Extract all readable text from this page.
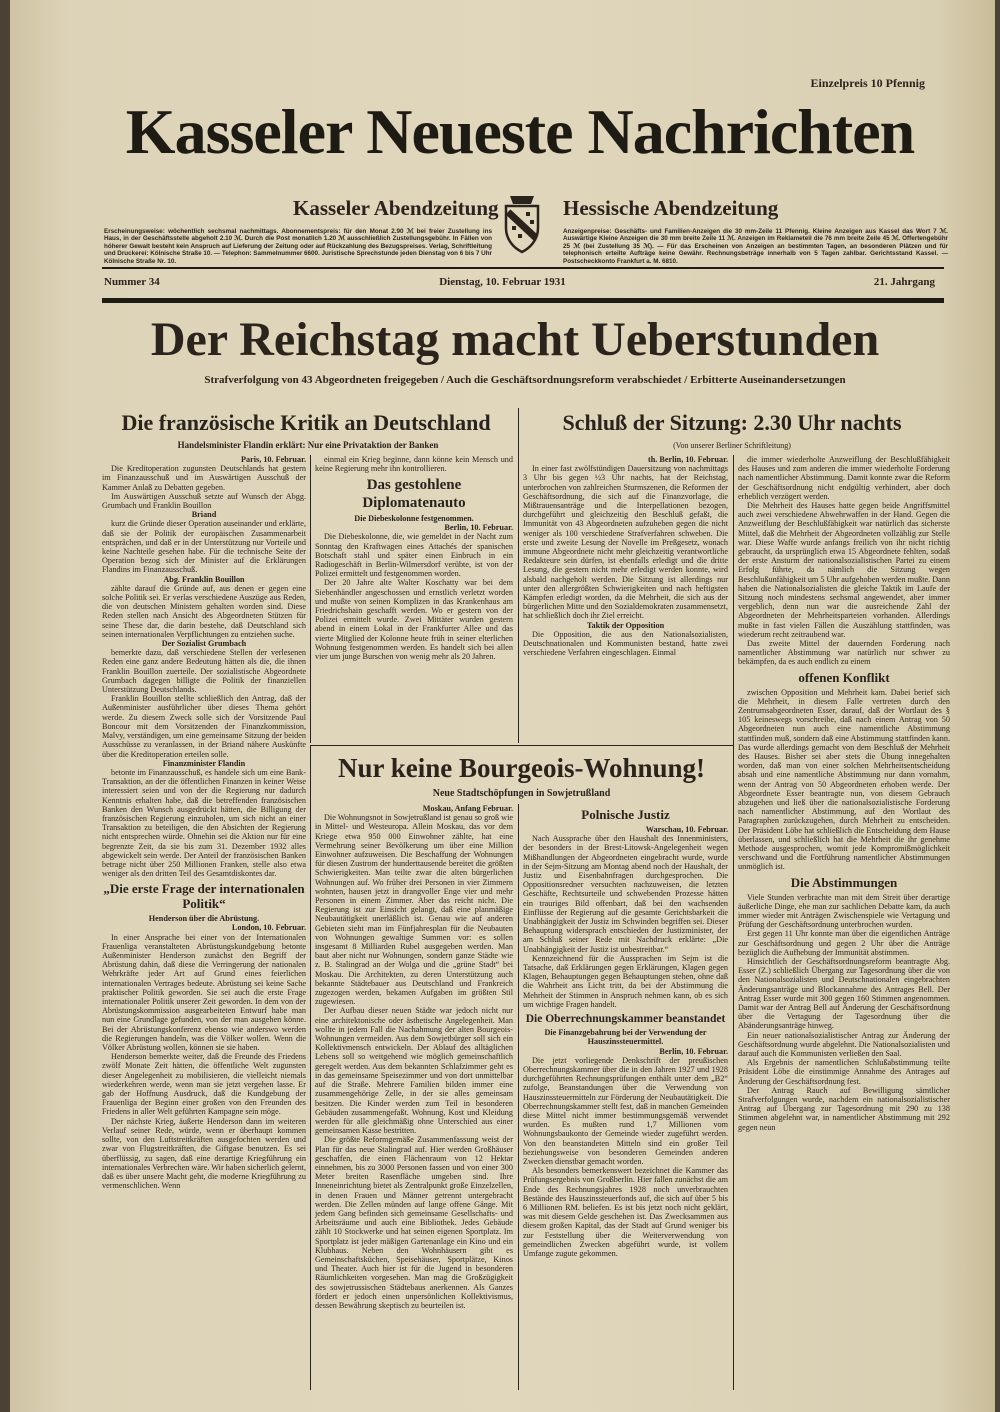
Einzelpreis 10 Pfennig
Kasseler Neueste Nachrichten
Kasseler Abendzeitung	Hessische Abendzeitung
Erscheinungsweise: wöchentlich sechsmal nachmittags. Abonnementspreis: für den Monat 2.90 ℳ bei freier Zustellung ins Haus, in der Geschäftsstelle abgeholt 2.10 ℳ. Durch die Post monatlich 1.20 ℳ ausschließlich Zustellungsgebühr. In Fällen von höherer Gewalt besteht kein Anspruch auf Lieferung der Zeitung oder auf Rückzahlung des Bezugspreises. Verlag, Schriftleitung und Druckerei: Kölnische Straße 10. — Telephon: Sammelnummer 6600. Juristische Sprechstunde jeden Dienstag von 6 bis 7 Uhr Kölnische Straße Nr. 10.
Anzeigenpreise: Geschäfts- und Familien-Anzeigen die 30 mm-Zeile 11 Pfennig. Kleine Anzeigen aus Kassel das Wort 7 ℳ. Auswärtige Kleine Anzeigen die 30 mm breite Zeile 11 ℳ. Anzeigen im Reklameteil die 76 mm breite Zeile 45 ℳ. Offertengebühr 25 ℳ (bei Zustellung 35 ℳ). — Für das Erscheinen von Anzeigen an bestimmten Tagen, an besonderen Plätzen und für telephonisch erteilte Aufträge keine Gewähr. Rechnungsbeträge innerhalb von 5 Tagen zahlbar. Gerichtsstand Kassel. — Postscheckkonto Frankfurt a. M. 6810.
Nummer 34	Dienstag, 10. Februar 1931	21. Jahrgang
Der Reichstag macht Ueberstunden
Strafverfolgung von 43 Abgeordneten freigegeben / Auch die Geschäftsordnungsreform verabschiedet / Erbitterte Auseinandersetzungen
Die französische Kritik an Deutschland
Handelsminister Flandin erklärt: Nur eine Privataktion der Banken

Paris, 10. Februar.

Die Kreditoperation zugunsten Deutschlands hat gestern im Finanzausschuß und im Auswärtigen Ausschuß der Kammer Anlaß zu Debatten gegeben.

Im Auswärtigen Ausschuß setzte auf Wunsch der Abgg. Grumbach und Franklin Bouillon

Briand

kurz die Gründe dieser Operation auseinander und erklärte, daß sie der Politik der europäischen Zusammenarbeit entsprächen, und daß er in der Unterstützung nur Vorteile und keine Nachteile gesehen habe. Für die technische Seite der Operation bezog sich der Minister auf die Erklärungen Flandins im Finanzausschuß.

Abg. Franklin Bouillon

zählte darauf die Gründe auf, aus denen er gegen eine solche Politik sei. Er verlas verschiedene Auszüge aus Reden, die von deutschen Ministern gehalten worden sind. Diese Reden stellen nach Ansicht des Abgeordneten Stützen für seine These dar, die darin bestehe, daß Deutschland sich seinen internationalen Verpflichtungen zu entziehen suche.

Der Sozialist Grumbach

bemerkte dazu, daß verschiedene Stellen der verlesenen Reden eine ganz andere Bedeutung hätten als die, die ihnen Franklin Bouillon zuerteile. Der sozialistische Abgeordnete Grumbach dagegen billigte die Politik der finanziellen Unterstützung Deutschlands.

Franklin Bouillon stellte schließlich den Antrag, daß der Außenminister ausführlicher über dieses Thema gehört werde. Zu diesem Zweck solle sich der Vorsitzende Paul Boncour mit dem Vorsitzenden der Finanzkommission, Malvy, verständigen, um eine gemeinsame Sitzung der beiden Ausschüsse zu veranlassen, in der Briand nähere Auskünfte über die Kreditoperation erteilen solle.

Finanzminister Flandin

betonte im Finanzausschuß, es handele sich um eine Bank-Transaktion, an der die öffentlichen Finanzen in keiner Weise interessiert seien und von der die Regierung nur dadurch Kenntnis erhalten habe, daß die betreffenden französischen Banken den Wunsch ausgedrückt hätten, die Billigung der französischen Regierung einzuholen, um sich nicht an einer Transaktion zu beteiligen, die den Absichten der Regierung nicht entsprechen würde. Ohnehin sei die Aktion nur für eine begrenzte Zeit, da sie bis zum 31. Dezember 1932 alles abgewickelt sein werde. Der Anteil der französischen Banken betrage nicht über 250 Millionen Franken, stelle also etwa weniger als den dritten Teil des Gesamtdiskontes dar.

„Die erste Frage der internationalen Politik“

Henderson über die Abrüstung.

London, 10. Februar.

In einer Ansprache bei einer von der Internationalen Frauenliga veranstalteten Abrüstungskundgebung betonte Außenminister Henderson zunächst den Begriff der Abrüstung dahin, daß diese die Verringerung der nationalen Wehrkräfte jeder Art auf Grund eines feierlichen internationalen Vertrages bedeute. Abrüstung sei keine Sache praktischer Politik geworden. Sie sei auch die erste Frage internationaler Politik unserer Zeit geworden. In dem von der Abrüstungskommission ausgearbeiteten Entwurf habe man nun eine Grundlage gefunden, von der man ausgehen könne. Bei der Abrüstungskonferenz ebenso wie anderswo werden die Regierungen handeln, was die Völker wollen. Wenn die Völker Abrüstung wollen, können sie sie haben.

Henderson bemerkte weiter, daß die Freunde des Friedens zwölf Monate Zeit hätten, die öffentliche Welt zugunsten dieser Angelegenheit zu mobilisieren, die vielleicht niemals wiederkehren werde, wenn man sie jetzt vergehen lasse. Er gab der Hoffnung Ausdruck, daß die Kundgebung der Frauenliga der Beginn einer großen von den Freunden des Friedens in aller Welt geführten Kampagne sein möge.

Der nächste Krieg, äußerte Henderson dann im weiteren Verlauf seiner Rede, würde, wenn er überhaupt kommen sollte, von den Luftstreitkräften ausgefochten werden und zwar von Flugstreitkräften, die Giftgase benutzen. Es sei überflüssig, zu sagen, daß eine derartige Kriegführung ein internationales Verbrechen wäre. Wir haben sicherlich gelernt, daß es über unsere Macht geht, die moderne Kriegführung zu vermenschlichen. Wenn

einmal ein Krieg beginne, dann könne kein Mensch und keine Regierung mehr ihn kontrollieren.

Das gestohlene Diplomatenauto

Die Diebeskolonne festgenommen.

Berlin, 10. Februar.

Die Diebeskolonne, die, wie gemeldet in der Nacht zum Sonntag den Kraftwagen eines Attachés der spanischen Botschaft stahl und später einen Einbruch in ein Radiogeschäft in Berlin-Wilmersdorf verübte, ist von der Polizei ermittelt und festgenommen worden.

Der 20 Jahre alte Walter Koschatty war bei dem Siebenhändler angeschossen und ernstlich verletzt worden und mußte von seinen Komplizen in das Krankenhaus am Friedrichshain geschafft werden. Wo er gestern von der Polizei ermittelt wurde. Zwei Mittäter wurden gestern abend in einem Lokal in der Frankfurter Allee und das vierte Mitglied der Kolonne heute früh in seiner elterlichen Wohnung festgenommen werden. Es handelt sich bei allen vier um junge Burschen von wenig mehr als 20 Jahren.

Schluß der Sitzung: 2.30 Uhr nachts
(Von unserer Berliner Schriftleitung)

th. Berlin, 10. Februar.

In einer fast zwölfstündigen Dauersitzung von nachmittags 3 Uhr bis gegen ½3 Uhr nachts, hat der Reichstag, unterbrochen von zahlreichen Sturmszenen, die Reformen der Geschäftsordnung, die sich auf die Finanzvorlage, die Mißtrauensanträge und die Interpellationen bezogen, durchgeführt und gleichzeitig den Beschluß gefaßt, die Immunität von 43 Abgeordneten aufzuheben gegen die nicht weniger als 100 verschiedene Strafverfahren schweben. Die erste und zweite Lesung der Novelle im Preßgesetz, wonach immune Abgeordnete nicht mehr gleichzeitig verantwortliche Redakteure sein dürfen, ist ebenfalls erledigt und die dritte Lesung, die gestern nicht mehr erledigt werden konnte, wird alsbald nachgeholt werden. Die Sitzung ist allerdings nur unter den allergrößten Schwierigkeiten und nach heftigsten Kämpfen erledigt worden, da die Mehrheit, die sich aus der bürgerlichen Mitte und den Sozialdemokraten zusammensetzt, hat schließlich doch ihr Ziel erreicht.

Taktik der Opposition

Die Opposition, die aus den Nationalsozialisten, Deutschnationalen und Kommunisten bestand, hatte zwei verschiedene Verfahren eingeschlagen. Einmal

die immer wiederholte Anzweiflung der Beschlußfähigkeit des Hauses und zum anderen die immer wiederholte Forderung nach namentlicher Abstimmung. Damit konnte zwar die Reform der Geschäftsordnung nicht endgültig verhindert, aber doch erheblich verzögert werden.

Die Mehrheit des Hauses hatte gegen beide Angriffsmittel auch zwei verschiedene Abwehrwaffen in der Hand. Gegen die Anzweiflung der Beschlußfähigkeit war natürlich das sicherste Mittel, daß die Mehrheit der Abgeordneten vollzählig zur Stelle war. Diese Waffe wurde anfangs freilich von ihr nicht richtig gebraucht, da ursprünglich etwa 15 Abgeordnete fehlten, sodaß der erste Ansturm der nationalsozialistischen Partei zu einem Erfolg führte, da nämlich die Sitzung wegen Beschlußunfähigkeit um 5 Uhr aufgehoben werden mußte. Dann haben die Nationalsozialisten die gleiche Taktik im Laufe der Sitzung noch mindestens sechsmal angewendet, aber immer vergeblich, denn nun war die ausreichende Zahl der Abgeordneten der Mehrheitsparteien vorhanden. Allerdings mußte in fast vielen Fällen die Auszählung stattfinden, was wiederum recht zeitraubend war.

Das zweite Mittel der dauernden Forderung nach namentlicher Abstimmung war natürlich nur schwer zu bekämpfen, da es auch endlich zu einem

offenen Konflikt

zwischen Opposition und Mehrheit kam. Dabei berief sich die Mehrheit, in diesem Falle vertreten durch den Zentrumsabgeordneten Esser, darauf, daß der Wortlaut des § 105 keineswegs vorschreibe, daß nach einem Antrag von 50 Abgeordneten nun auch eine namentliche Abstimmung stattfinden muß, sondern daß eine Abstimmung stattfinden kann. Das wurde allerdings gemacht von dem Beschluß der Mehrheit des Hauses. Bisher sei aber stets die Übung innegehalten worden, daß man von einer solchen Mehrheitsentscheidung absah und eine namentliche Abstimmung nur dann vornahm, wenn der Antrag von 50 Abgeordneten erhoben werde. Der Abgeordnete Esser beantragte nun, von diesem Gebrauch abzugehen und ließ über die nationalsozialistische Forderung nach namentlicher Abstimmung, auf den Wortlaut des Paragraphen zurückzugehen, durch Mehrheit zu entscheiden. Der Präsident Löbe hat schließlich die Entscheidung dem Hause überlassen, und schließlich hat die Mehrheit die ihr genehme Methode ausgesprochen, womit jede Kompromißmöglichkeit verschwand und die Fortführung namentlicher Abstimmungen unmöglich ist.

Die Abstimmungen

Viele Stunden verbrachte man mit dem Streit über derartige äußerliche Dinge, ehe man zur sachlichen Debatte kam, da auch immer wieder mit Anträgen Zwischenspiele wie Vertagung und Prüfung der Geschäftsordnung unterbrochen wurden.

Erst gegen 11 Uhr konnte man über die eigentlichen Anträge zur Geschäftsordnung und gegen 2 Uhr über die Anträge bezüglich die Aufhebung der Immunität abstimmen.

Hinsichtlich der Geschäftsordnungsreform beantragte Abg. Esser (Z.) schließlich Übergang zur Tagesordnung über die von den Nationalsozialisten und Deutschnationalen eingebrachten Änderungsanträge und Blockannahme des Antrages Bell. Der Antrag Esser wurde mit 300 gegen 160 Stimmen angenommen. Damit war der Antrag Bell auf Änderung der Geschäftsordnung über die Vertagung der Tagesordnung über die Abänderungsanträge hinweg.

Ein neuer nationalsozialistischer Antrag zur Änderung der Geschäftsordnung wurde abgelehnt. Die Nationalsozialisten und darauf auch die Kommunisten verließen den Saal.

Als Ergebnis der namentlichen Schlußabstimmung teilte Präsident Löbe die einstimmige Annahme des Antrages auf Änderung der Geschäftsordnung fest.

Der Antrag Rauch auf Bewilligung sämtlicher Strafverfolgungen wurde, nachdem ein nationalsozialistischer Antrag auf Übergang zur Tagesordnung mit 290 zu 138 Stimmen abgelehnt war, in namentlicher Abstimmung mit 292 gegen neun

Nur keine Bourgeois-Wohnung!
Neue Stadtschöpfungen in Sowjetrußland

Moskau, Anfang Februar.

Die Wohnungsnot in Sowjetrußland ist genau so groß wie in Mittel- und Westeuropa. Allein Moskau, das vor dem Kriege etwa 950 000 Einwohner zählte, hat eine Vermehrung seiner Bevölkerung um über eine Million Einwohner aufzuweisen. Die Beschaffung der Wohnungen für diesen Zustrom der hunderttausende bereitet die größten Schwierigkeiten. Man teilte zwar die alten bürgerlichen Wohnungen auf. Wo früher drei Personen in vier Zimmern wohnten, hausen jetzt in drangvoller Enge vier und mehr Personen in einem Zimmer. Aber das reicht nicht. Die Regierung ist zur Einsicht gelangt, daß eine planmäßige Neubautätigkeit unerläßlich ist. Genau wie auf anderen Gebieten sieht man im Fünfjahresplan für die Neubauten von Wohnungen gewaltige Summen vor: es sollen insgesamt 8 Milliarden Rubel ausgegeben werden. Man baut aber nicht nur Wohnungen, sondern ganze Städte wie z. B. Stalingrad an der Wolga und die „grüne Stadt“ bei Moskau. Die Architekten, zu deren Unterstützung auch bekannte Städtebauer aus Deutschland und Frankreich zugezogen werden, bekamen Aufgaben im größten Stil zugewiesen.

Der Aufbau dieser neuen Städte war jedoch nicht nur eine architektonische oder ästhetische Angelegenheit. Man wollte in jedem Fall die Nachahmung der alten Bourgeois-Wohnungen vermeiden. Aus dem Sowjetbürger soll sich ein Kollektivmensch entwickeln. Der Ablauf des alltäglichen Lebens soll so weitgehend wie möglich gemeinschaftlich geregelt werden. Aus dem bekannten Schlafzimmer geht es in das gemeinsame Speisezimmer und von dort unmittelbar auf die Straße. Mehrere Familien bilden immer eine zusammengehörige Zelle, in der sie alles gemeinsam besitzen. Die Kinder werden zum Teil in besonderen Gebäuden zusammengefaßt. Wohnung, Kost und Kleidung werden für alle gleichmäßig ohne Unterschied aus einer gemeinsamen Kasse bestritten.

Die größte Reformgemäße Zusammenfassung weist der Plan für das neue Stalingrad auf. Hier werden Großhäuser geschaffen, die einen Flächenraum von 12 Hektar einnehmen, bis zu 3000 Personen fassen und von einer 300 Meter breiten Rasenfläche umgeben sind. Ihre Inneneinrichtung bietet als Zentralpunkt große Einzelzellen, in denen Frauen und Männer getrennt untergebracht werden. Die Zellen münden auf lange offene Gänge. Mit jedem Gang befinden sich gemeinsame Gesellschafts- und Arbeitsräume und auch eine Bibliothek. Jedes Gebäude zählt 10 Stockwerke und hat seinen eigenen Sportplatz. Im Sportplatz ist jeder mäßigen Gartenanlage ein Kino und ein Klubhaus. Neben den Wohnhäusern gibt es Gemeinschaftsküchen, Speisehäuser, Sportplätze, Kinos und Theater. Auch hier ist für die Jugend in besonderen Räumlichkeiten vorgesehen. Man mag die Großzügigkeit des sowjetrussischen Städtebaus anerkennen. Als Ganzes fördert er jedoch einen unpersönlichen Kollektivismus, dessen Bewährung skeptisch zu beurteilen ist.

Polnische Justiz

Warschau, 10. Februar.

Nach Aussprache über den Haushalt des Innenministers, der besonders in der Brest-Litowsk-Angelegenheit wegen Mißhandlungen der Abgeordneten eingebracht wurde, wurde in der Sejm-Sitzung am Montag abend noch der Haushalt, der Justiz und Eisenbahnfragen durchgesprochen. Die Oppositionsredner versuchten nachzuweisen, die letzten Geschäfte, Rechtsurteile und schwebenden Prozesse hätten ein trauriges Bild offenbart, daß bei den wachsenden Einflüsse der Regierung auf die gesamte Gerichtsbarkeit die Unabhängigkeit der Justiz im Schwinden begriffen sei. Dieser Behauptung widersprach entschieden der Justizminister, der am Schluß seiner Rede mit Nachdruck erklärte: „Die Unabhängigkeit der Justiz ist unbestreitbar.“

Kennzeichnend für die Aussprachen im Sejm ist die Tatsache, daß Erklärungen gegen Erklärungen, Klagen gegen Klagen, Behauptungen gegen Behauptungen stehen, ohne daß die Wahrheit ans Licht tritt, da bei der Abstimmung die Mehrheit der Stimmen in Anspruch nehmen kann, ob es sich um wichtige Fragen handelt.

Die Oberrechnungskammer beanstandet

Die Finanzgebahrung bei der Verwendung der Hauszinssteuermittel.

Berlin, 10. Februar.

Die jetzt vorliegende Denkschrift der preußischen Oberrechnungskammer über die in den Jahren 1927 und 1928 durchgeführten Rechnungsprüfungen enthält unter dem „B2“ zufolge, Beanstandungen über die Verwendung von Hauszinssteuermitteln zur Förderung der Neubautätigkeit. Die Oberrechnungskammer stellt fest, daß in manchen Gemeinden diese Mittel nicht immer bestimmungsgemäß verwendet wurden. Es mußten rund 1,7 Millionen vom Wohnungsbaukonto der Gemeinde wieder zugeführt werden. Von den beanstandeten Mitteln sind ein großer Teil beziehungsweise von besonderen Gemeinden anderen Zwecken dienstbar gemacht worden.

Als besonders bemerkenswert bezeichnet die Kammer das Prüfungsergebnis von Großberlin. Hier fallen zunächst die am Ende des Rechnungsjahres 1928 noch unverbrauchten Bestände des Hauszinssteuerfonds auf, die sich auf über 5 bis 6 Millionen RM. beliefen. Es ist bis jetzt noch nicht geklärt, was mit diesem Gelde geschehen ist. Das Zwecksammen aus diesem großen Kapital, das der Stadt auf Grund weniger bis zur Feststellung über die Weiterverwendung von gemeindlichen Zwecken abgeführt wurde, ist vollem Umfange zugute gekommen.
